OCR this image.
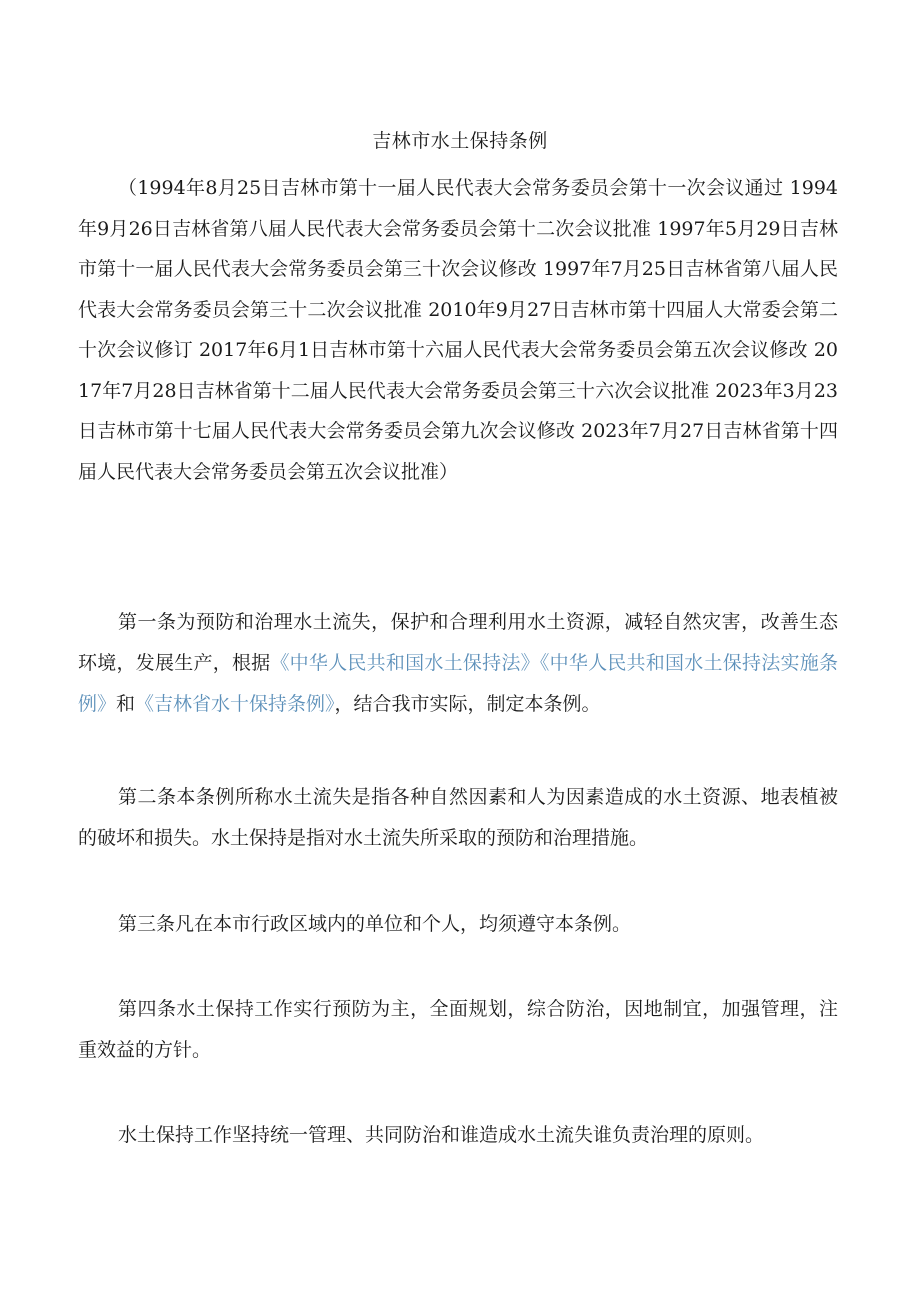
吉林市水土保持条例

（1994年8月25日吉林市第十一届人民代表大会常务委员会第十一次会议通过 1994年9月26日吉林省第八届人民代表大会常务委员会第十二次会议批准 1997年5月29日吉林市第十一届人民代表大会常务委员会第三十次会议修改 1997年7月25日吉林省第八届人民代表大会常务委员会第三十二次会议批准 2010年9月27日吉林市第十四届人大常委会第二十次会议修订 2017年6月1日吉林市第十六届人民代表大会常务委员会第五次会议修改 2017年7月28日吉林省第十二届人民代表大会常务委员会第三十六次会议批准 2023年3月23日吉林市第十七届人民代表大会常务委员会第九次会议修改 2023年7月27日吉林省第十四届人民代表大会常务委员会第五次会议批准）

第一条为预防和治理水土流失，保护和合理利用水土资源，减轻自然灾害，改善生态环境，发展生产，根据《中华人民共和国水土保持法》《中华人民共和国水土保持法实施条例》和《吉林省水十保持条例》，结合我市实际，制定本条例。

第二条本条例所称水土流失是指各种自然因素和人为因素造成的水土资源、地表植被的破坏和损失。水土保持是指对水土流失所采取的预防和治理措施。

第三条凡在本市行政区域内的单位和个人，均须遵守本条例。

第四条水土保持工作实行预防为主，全面规划，综合防治，因地制宜，加强管理，注重效益的方针。

水土保持工作坚持统一管理、共同防治和谁造成水土流失谁负责治理的原则。
